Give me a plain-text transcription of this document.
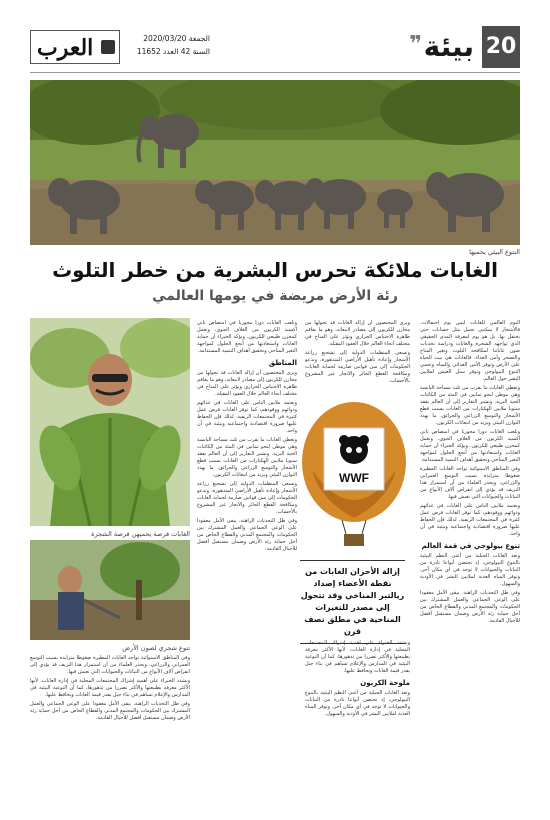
20
بيئة
❞
العرب	الجمعة 2020/03/20
السنة 42 العدد 11652
النتوع البيئي يحميها
الغابات ملائكة تحرس البشرية من خطر التلوث
رئة الأرض مريضة في يومها العالمي

اليوم العالمي للغابات ليس يوم احتفالات. فالأشجار لا يمكنني تحمل مثل حسابات حتى يحتفل بها. بل هو يوم لمعرفة المدى الحقيقي الذي تواجهه الشجرة والغابات ودراسة تحديات صون غاباتنا لمكافحة التلوث وتغير المناخ والتصحر وأمن الغذاء. فالغابات هي بيت الحياة على الأرض وتوفر الأمن الغذائي والمياه وتحمي التنوع البيولوجي وتوفر سبل العيش لملايين البشر حول العالم.

وتغطي الغابات ما يقرب من ثلث مساحة اليابسة وهي موطن لنحو ثمانين في المئة من الكائنات الحية البرية. وتشير التقارير إلى أن العالم يفقد سنويا ملايين الهكتارات من الغابات بسبب قطع الأشجار والتوسع الزراعي والحرائق، ما يهدد التوازن البيئي ويزيد من انبعاثات الكربون.

وتلعب الغابات دورا محوريا في امتصاص ثاني أكسيد الكربون من الغلاف الجوي، وتعمل كمخزن طبيعي للكربون. ويؤكد الخبراء أن حماية الغابات واستعادتها من أنجع الحلول لمواجهة التغير المناخي وتحقيق أهداف التنمية المستدامة.

وفي المناطق الاستوائية تواجه الغابات المطيرة ضغوطا متزايدة بسبب التوسع العمراني والزراعي، ويحذر العلماء من أن استمرار هذا النزيف قد يؤدي إلى انقراض آلاف الأنواع من النباتات والحيوانات التي تعيش فيها.

ويعتمد ملايين الناس على الغابات في غذائهم ودوائهم ووقودهم، كما توفر الغابات فرص عمل كثيرة في المجتمعات الريفية. لذلك فإن الحفاظ عليها ضرورة اقتصادية واجتماعية وبيئية في آن واحد.

تنوع بيولوجي في قمة العالم

وتعد الغابات الجبلية من أغنى النظم البيئية بالتنوع البيولوجي، إذ تحتضن أنواعا نادرة من النباتات والحيوانات لا توجد في أي مكان آخر، وتوفر المياه العذبة لملايين البشر في الأودية والسهول.

وفي ظل التحديات الراهنة، يبقى الأمل معقودا على الوعي الجماعي والعمل المشترك بين الحكومات والمجتمع المدني والقطاع الخاص من أجل حماية رئة الأرض وضمان مستقبل أفضل للأجيال القادمة.

ويرى المختصون أن إزالة الغابات قد تحولها من مخازن للكربون إلى مصادر لانبعاثه، وهو ما يفاقم ظاهرة الاحتباس الحراري ويؤثر على المناخ في مختلف أنحاء العالم خلال العقود المقبلة.

وتسعى المنظمات الدولية إلى تشجيع زراعة الأشجار وإعادة تأهيل الأراضي المتدهورة، وتدعو الحكومات إلى سن قوانين صارمة لحماية الغابات ومكافحة القطع الجائر والاتجار غير المشروع بالأخشاب.

WWF
إزالة الأحزان الغابات من نقطة الأعضاء إصداد ريالتبر المناخي وقد تتحول إلى مصدر للتغيرات المناخية في مطلق نصف قرن

ويشدد الخبراء على أهمية إشراك المجتمعات المحلية في إدارة الغابات، لأنها الأكثر معرفة بطبيعتها والأكثر تضررا من تدهورها، كما أن التوعية البيئية في المدارس والإعلام تساهم في بناء جيل يقدر قيمة الغابات ويحافظ عليها.

ملوحة الكربون

وتعد الغابات الجبلية من أغنى النظم البيئية بالتنوع البيولوجي، إذ تحتضن أنواعا نادرة من النباتات والحيوانات لا توجد في أي مكان آخر، وتوفر المياه العذبة لملايين البشر في الأودية والسهول.

وتلعب الغابات دورا محوريا في امتصاص ثاني أكسيد الكربون من الغلاف الجوي، وتعمل كمخزن طبيعي للكربون. ويؤكد الخبراء أن حماية الغابات واستعادتها من أنجع الحلول لمواجهة التغير المناخي وتحقيق أهداف التنمية المستدامة.

المناطق

ويرى المختصون أن إزالة الغابات قد تحولها من مخازن للكربون إلى مصادر لانبعاثه، وهو ما يفاقم ظاهرة الاحتباس الحراري ويؤثر على المناخ في مختلف أنحاء العالم خلال العقود المقبلة.

ويعتمد ملايين الناس على الغابات في غذائهم ودوائهم ووقودهم، كما توفر الغابات فرص عمل كثيرة في المجتمعات الريفية. لذلك فإن الحفاظ عليها ضرورة اقتصادية واجتماعية وبيئية في آن واحد.

وتغطي الغابات ما يقرب من ثلث مساحة اليابسة وهي موطن لنحو ثمانين في المئة من الكائنات الحية البرية. وتشير التقارير إلى أن العالم يفقد سنويا ملايين الهكتارات من الغابات بسبب قطع الأشجار والتوسع الزراعي والحرائق، ما يهدد التوازن البيئي ويزيد من انبعاثات الكربون.

وتسعى المنظمات الدولية إلى تشجيع زراعة الأشجار وإعادة تأهيل الأراضي المتدهورة، وتدعو الحكومات إلى سن قوانين صارمة لحماية الغابات ومكافحة القطع الجائر والاتجار غير المشروع بالأخشاب.

وفي ظل التحديات الراهنة، يبقى الأمل معقودا على الوعي الجماعي والعمل المشترك بين الحكومات والمجتمع المدني والقطاع الخاص من أجل حماية رئة الأرض وضمان مستقبل أفضل للأجيال القادمة.

الغابات فرصة يحميهن فرصة الشجرة
تنوع شجري لصون الأرض

وفي المناطق الاستوائية تواجه الغابات المطيرة ضغوطا متزايدة بسبب التوسع العمراني والزراعي، ويحذر العلماء من أن استمرار هذا النزيف قد يؤدي إلى انقراض آلاف الأنواع من النباتات والحيوانات التي تعيش فيها.

ويشدد الخبراء على أهمية إشراك المجتمعات المحلية في إدارة الغابات، لأنها الأكثر معرفة بطبيعتها والأكثر تضررا من تدهورها، كما أن التوعية البيئية في المدارس والإعلام تساهم في بناء جيل يقدر قيمة الغابات ويحافظ عليها.

وفي ظل التحديات الراهنة، يبقى الأمل معقودا على الوعي الجماعي والعمل المشترك بين الحكومات والمجتمع المدني والقطاع الخاص من أجل حماية رئة الأرض وضمان مستقبل أفضل للأجيال القادمة.
